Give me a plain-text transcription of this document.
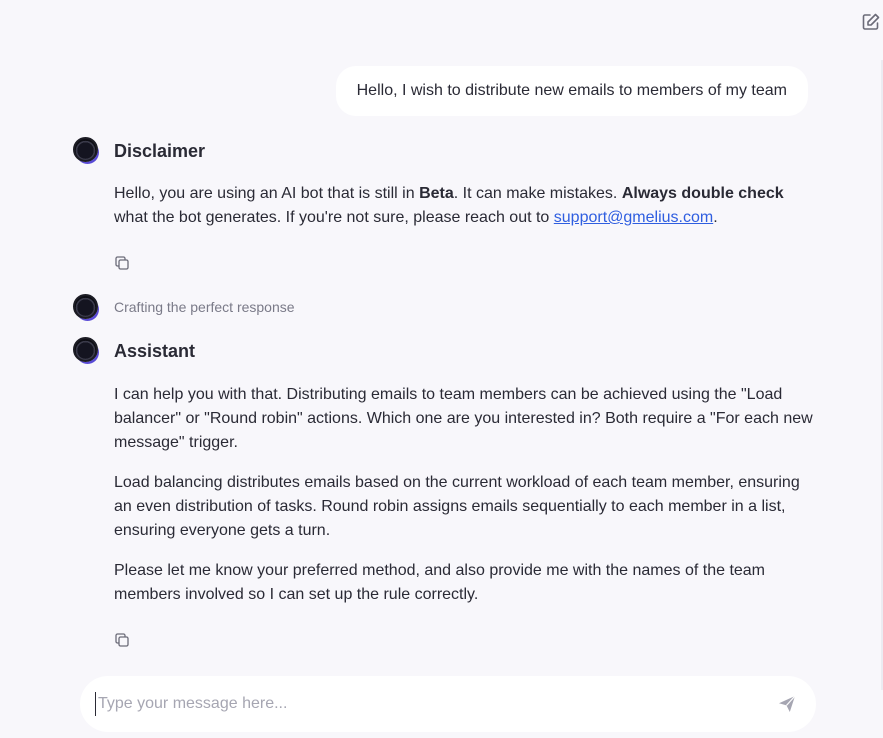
Hello, I wish to distribute new emails to members of my team
Disclaimer
Hello, you are using an AI bot that is still in Beta. It can make mistakes. Always double check what the bot generates. If you're not sure, please reach out to support@gmelius.com.
Crafting the perfect response
Assistant

I can help you with that. Distributing emails to team members can be achieved using the "Load balancer" or "Round robin" actions. Which one are you interested in? Both require a "For each new message" trigger.

Load balancing distributes emails based on the current workload of each team member, ensuring an even distribution of tasks. Round robin assigns emails sequentially to each member in a list, ensuring everyone gets a turn.

Please let me know your preferred method, and also provide me with the names of the team members involved so I can set up the rule correctly.

Type your message here...
